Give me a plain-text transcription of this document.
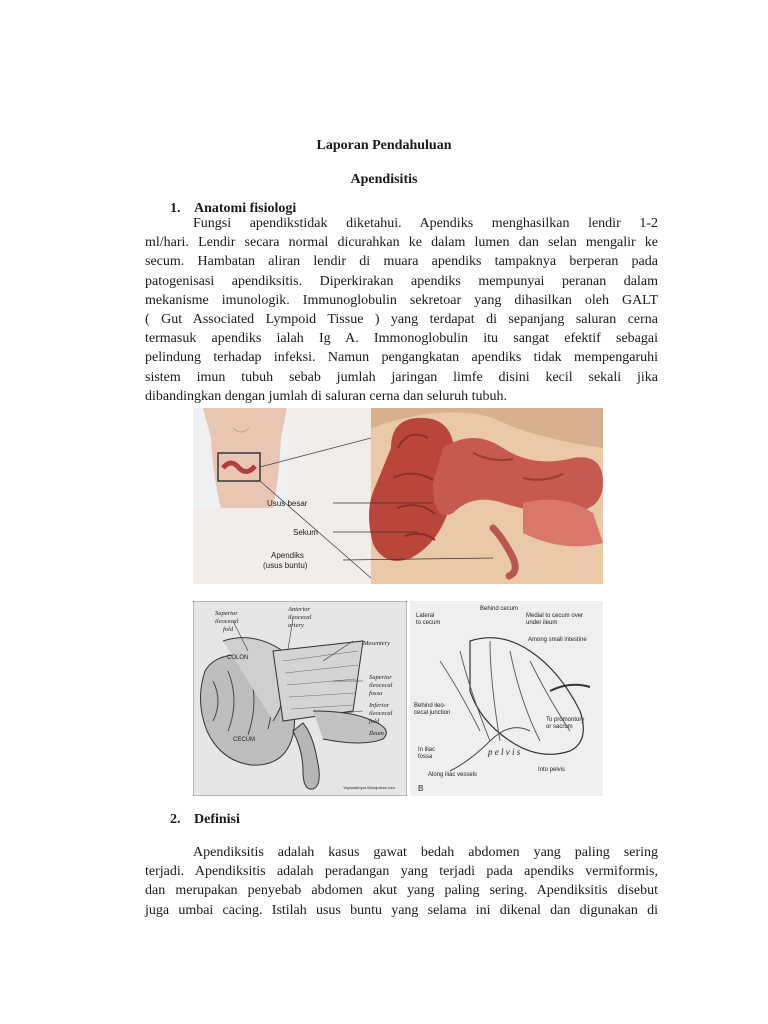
Laporan Pendahuluan
Apendisitis
1. Anatomi fisiologi
Fungsi apendikstidak diketahui. Apendiks menghasilkan lendir 1-2
ml/hari. Lendir secara normal dicurahkan ke dalam lumen dan selan mengalir ke
secum. Hambatan aliran lendir di muara apendiks tampaknya berperan pada
patogenisasi apendiksitis. Diperkirakan apendiks mempunyai peranan dalam
mekanisme imunologik. Immunoglobulin sekretoar yang dihasilkan oleh GALT
( Gut Associated Lympoid Tissue ) yang terdapat di sepanjang saluran cerna
termasuk apendiks ialah Ig A. Immonoglobulin itu sangat efektif sebagai
pelindung terhadap infeksi. Namun pengangkatan apendiks tidak mempengaruhi
sistem imun tubuh sebab jumlah jaringan limfe disini kecil sekali jika
dibandingkan dengan jumlah di saluran cerna dan seluruh tubuh.
Usus besar
Sekum
Apendiks
(usus buntu)
Superior
ileocecal
fold
Anterior
ileocecal
artery
Mesentery
COLON
CECUM
Superior
ileocecal
fossa
Inferior
ileocecal
fold
Ileum
Yayanakhyar.Wordpress.com
Behind cecum
Lateral
to cecum
Medial to cecum over
under ileum
Among small intestine
Behind ileo-
cecal junction
To promontory
or sacrum
In iliac
fossa	p e l v i s
Along iliac vessels
Into pelvis
B
2. Definisi
Apendiksitis adalah kasus gawat bedah abdomen yang paling sering
terjadi. Apendiksitis adalah peradangan yang terjadi pada apendiks vermiformis,
dan merupakan penyebab abdomen akut yang paling sering. Apendiksitis disebut
juga umbai cacing. Istilah usus buntu yang selama ini dikenal dan digunakan di
